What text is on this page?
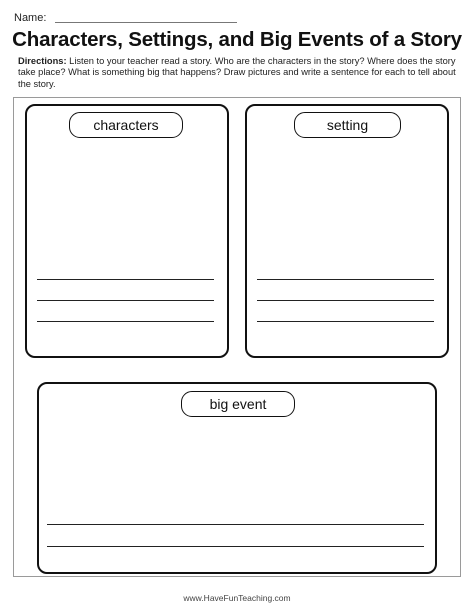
Name:
Characters, Settings, and Big Events of a Story
Directions: Listen to your teacher read a story. Who are the characters in the story? Where does the story take place? What is something big that happens? Draw pictures and write a sentence for each to tell about the story.
characters	setting
big event
www.HaveFunTeaching.com
